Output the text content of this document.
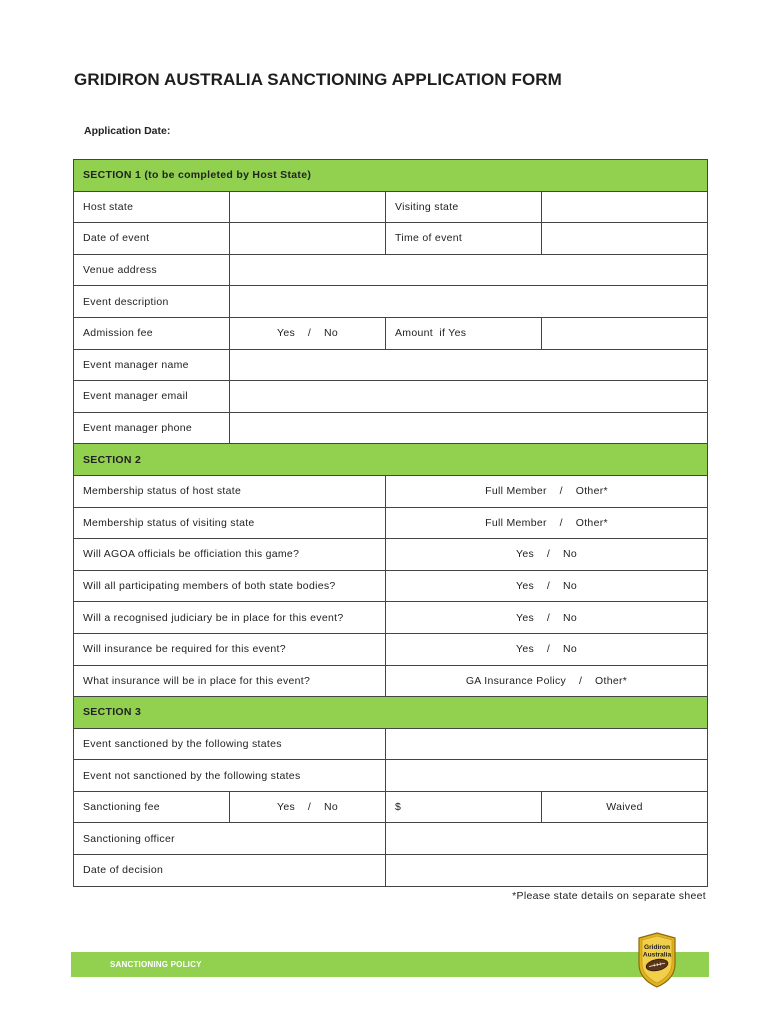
GRIDIRON AUSTRALIA SANCTIONING APPLICATION FORM
Application Date:
SECTION 1 (to be completed by Host State)			
Host state		Visiting state	
Date of event		Time of event	
Venue address			
Event description			
Admission fee	Yes    /    No	Amount  if Yes	
Event manager name			
Event manager email			
Event manager phone			
SECTION 2			
Membership status of host state		Full Member    /    Other*	
Membership status of visiting state		Full Member    /    Other*	
Will AGOA officials be officiation this game?		Yes    /    No	
Will all participating members of both state bodies?		Yes    /    No	
Will a recognised judiciary be in place for this event?		Yes    /    No	
Will insurance be required for this event?		Yes    /    No	
What insurance will be in place for this event?		GA Insurance Policy    /    Other*	
SECTION 3			
Event sanctioned by the following states			
Event not sanctioned by the following states			
Sanctioning fee	Yes    /    No	$	Waived
Sanctioning officer			
Date of decision			
*Please state details on separate sheet
SANCTIONING POLICY
Gridiron
Australia
